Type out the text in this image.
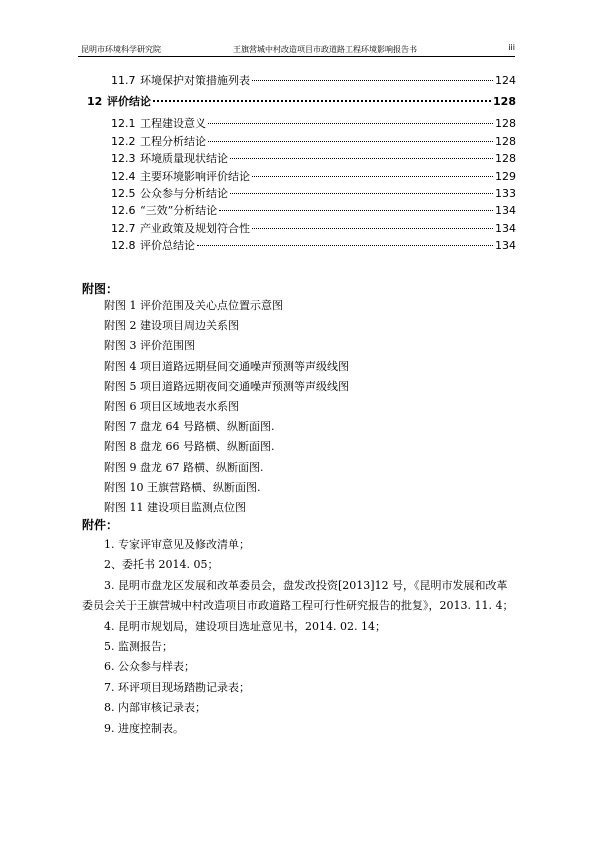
昆明市环境科学研究院	王旗营城中村改造项目市政道路工程环境影响报告书	iii
11.7 环境保护对策措施列表	124
12 评价结论	128
12.1 工程建设意义	128
12.2 工程分析结论	128
12.3 环境质量现状结论	128
12.4 主要环境影响评价结论	129
12.5 公众参与分析结论	133
12.6 “三效”分析结论	134
12.7 产业政策及规划符合性	134
12.8 评价总结论	134
附图：
附图 1 评价范围及关心点位置示意图
附图 2 建设项目周边关系图
附图 3 评价范围图
附图 4 项目道路远期昼间交通噪声预测等声级线图
附图 5 项目道路远期夜间交通噪声预测等声级线图
附图 6 项目区域地表水系图
附图 7 盘龙 64 号路横、纵断面图.
附图 8 盘龙 66 号路横、纵断面图.
附图 9 盘龙 67 路横、纵断面图.
附图 10 王旗营路横、纵断面图.
附图 11 建设项目监测点位图
附件：
1. 专家评审意见及修改清单；
2、委托书 2014. 05；
3. 昆明市盘龙区发展和改革委员会，盘发改投资[2013]12 号，《昆明市发展和改革委员会关于王旗营城中村改造项目市政道路工程可行性研究报告的批复》，2013. 11. 4；
4. 昆明市规划局，建设项目选址意见书，2014. 02. 14；
5. 监测报告；
6. 公众参与样表；
7. 环评项目现场踏勘记录表；
8. 内部审核记录表；
9. 进度控制表。
